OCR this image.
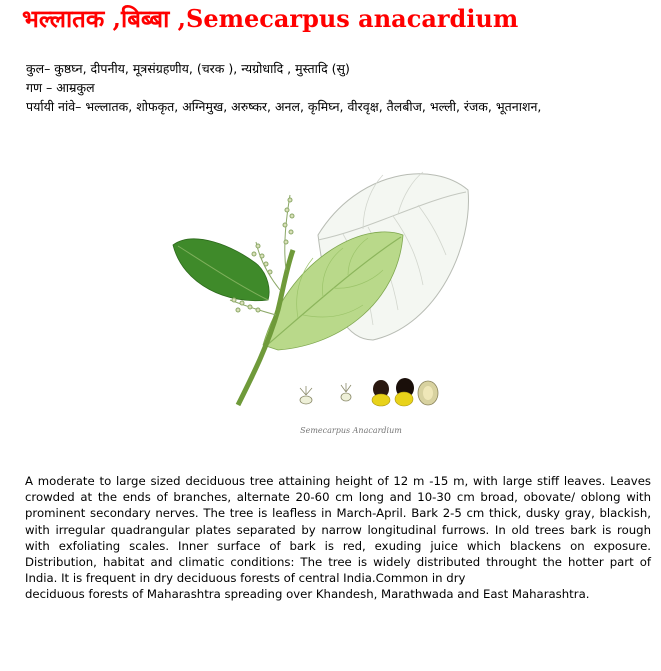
भल्लातक ,बिब्बा ,Semecarpus anacardium
कुल– कुष्ठघ्न, दीपनीय, मूत्रसंग्रहणीय, (चरक ), न्यग्रोधादि , मुस्तादि (सु)
गण – आम्रकुल
पर्यायी नांवे– भल्लातक, शोफकृत, अग्निमुख, अरुष्कर, अनल, कृमिघ्न, वीरवृक्ष, तैलबीज, भल्ली, रंजक, भूतनाशन,
Semecarpus Anacardium

A moderate to large sized deciduous tree attaining height of 12 m -15 m, with large stiff leaves. Leaves crowded at the ends of branches, alternate 20-60 cm long and 10-30 cm broad, obovate/ oblong with prominent secondary nerves. The tree is leafless in March-April. Bark 2-5 cm thick, dusky gray, blackish, with irregular quadrangular plates separated by narrow longitudinal furrows. In old trees bark is rough with exfoliating scales. Inner surface of bark is red, exuding juice which blackens on exposure. Distribution, habitat and climatic conditions: The tree is widely distributed throught the hotter part of India. It is frequent in dry deciduous forests of central India.Common in dry

deciduous forests of Maharashtra spreading over Khandesh, Marathwada and East Maharashtra.
